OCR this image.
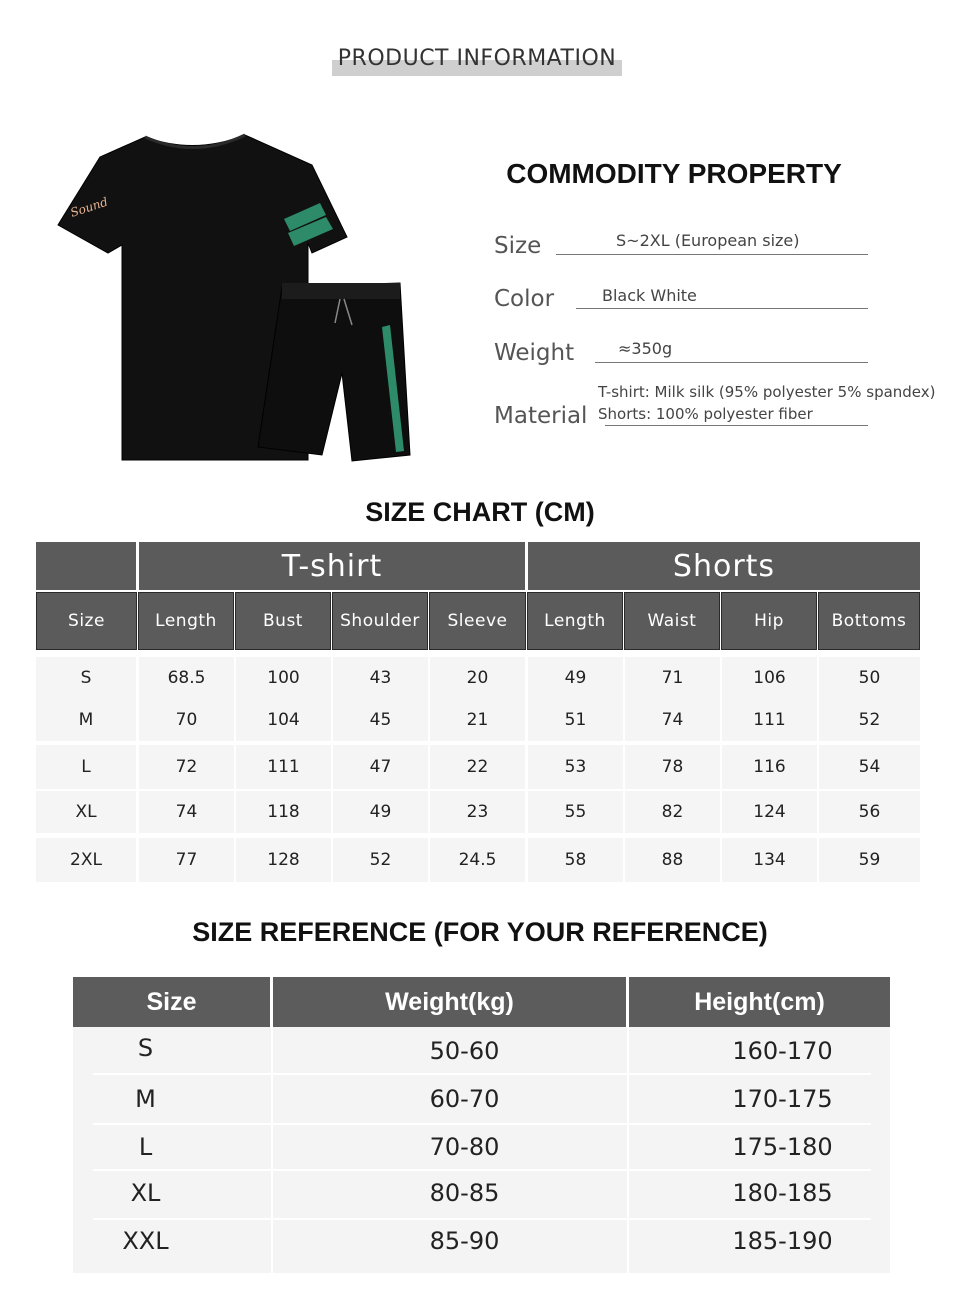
PRODUCT INFORMATION
Sound
COMMODITY PROPERTY
Size	S~2XL (European size)
Color	Black White
Weight	≈350g
Material
T-shirt: Milk silk (95% polyester 5% spandex)
Shorts: 100% polyester fiber
SIZE CHART (CM)
T-shirt	Shorts
Size	Length	Bust	Shoulder	Sleeve	Length	Waist	Hip	Bottoms
S	68.5	100	43	20	49	71	106	50
M	70	104	45	21	51	74	111	52
L	72	111	47	22	53	78	116	54
XL	74	118	49	23	55	82	124	56
2XL	77	128	52	24.5	58	88	134	59
SIZE REFERENCE (FOR YOUR REFERENCE)
Size	Weight(kg)	Height(cm)
S	50-60	160-170
M	60-70	170-175
L	70-80	175-180
XL	80-85	180-185
XXL	85-90	185-190
